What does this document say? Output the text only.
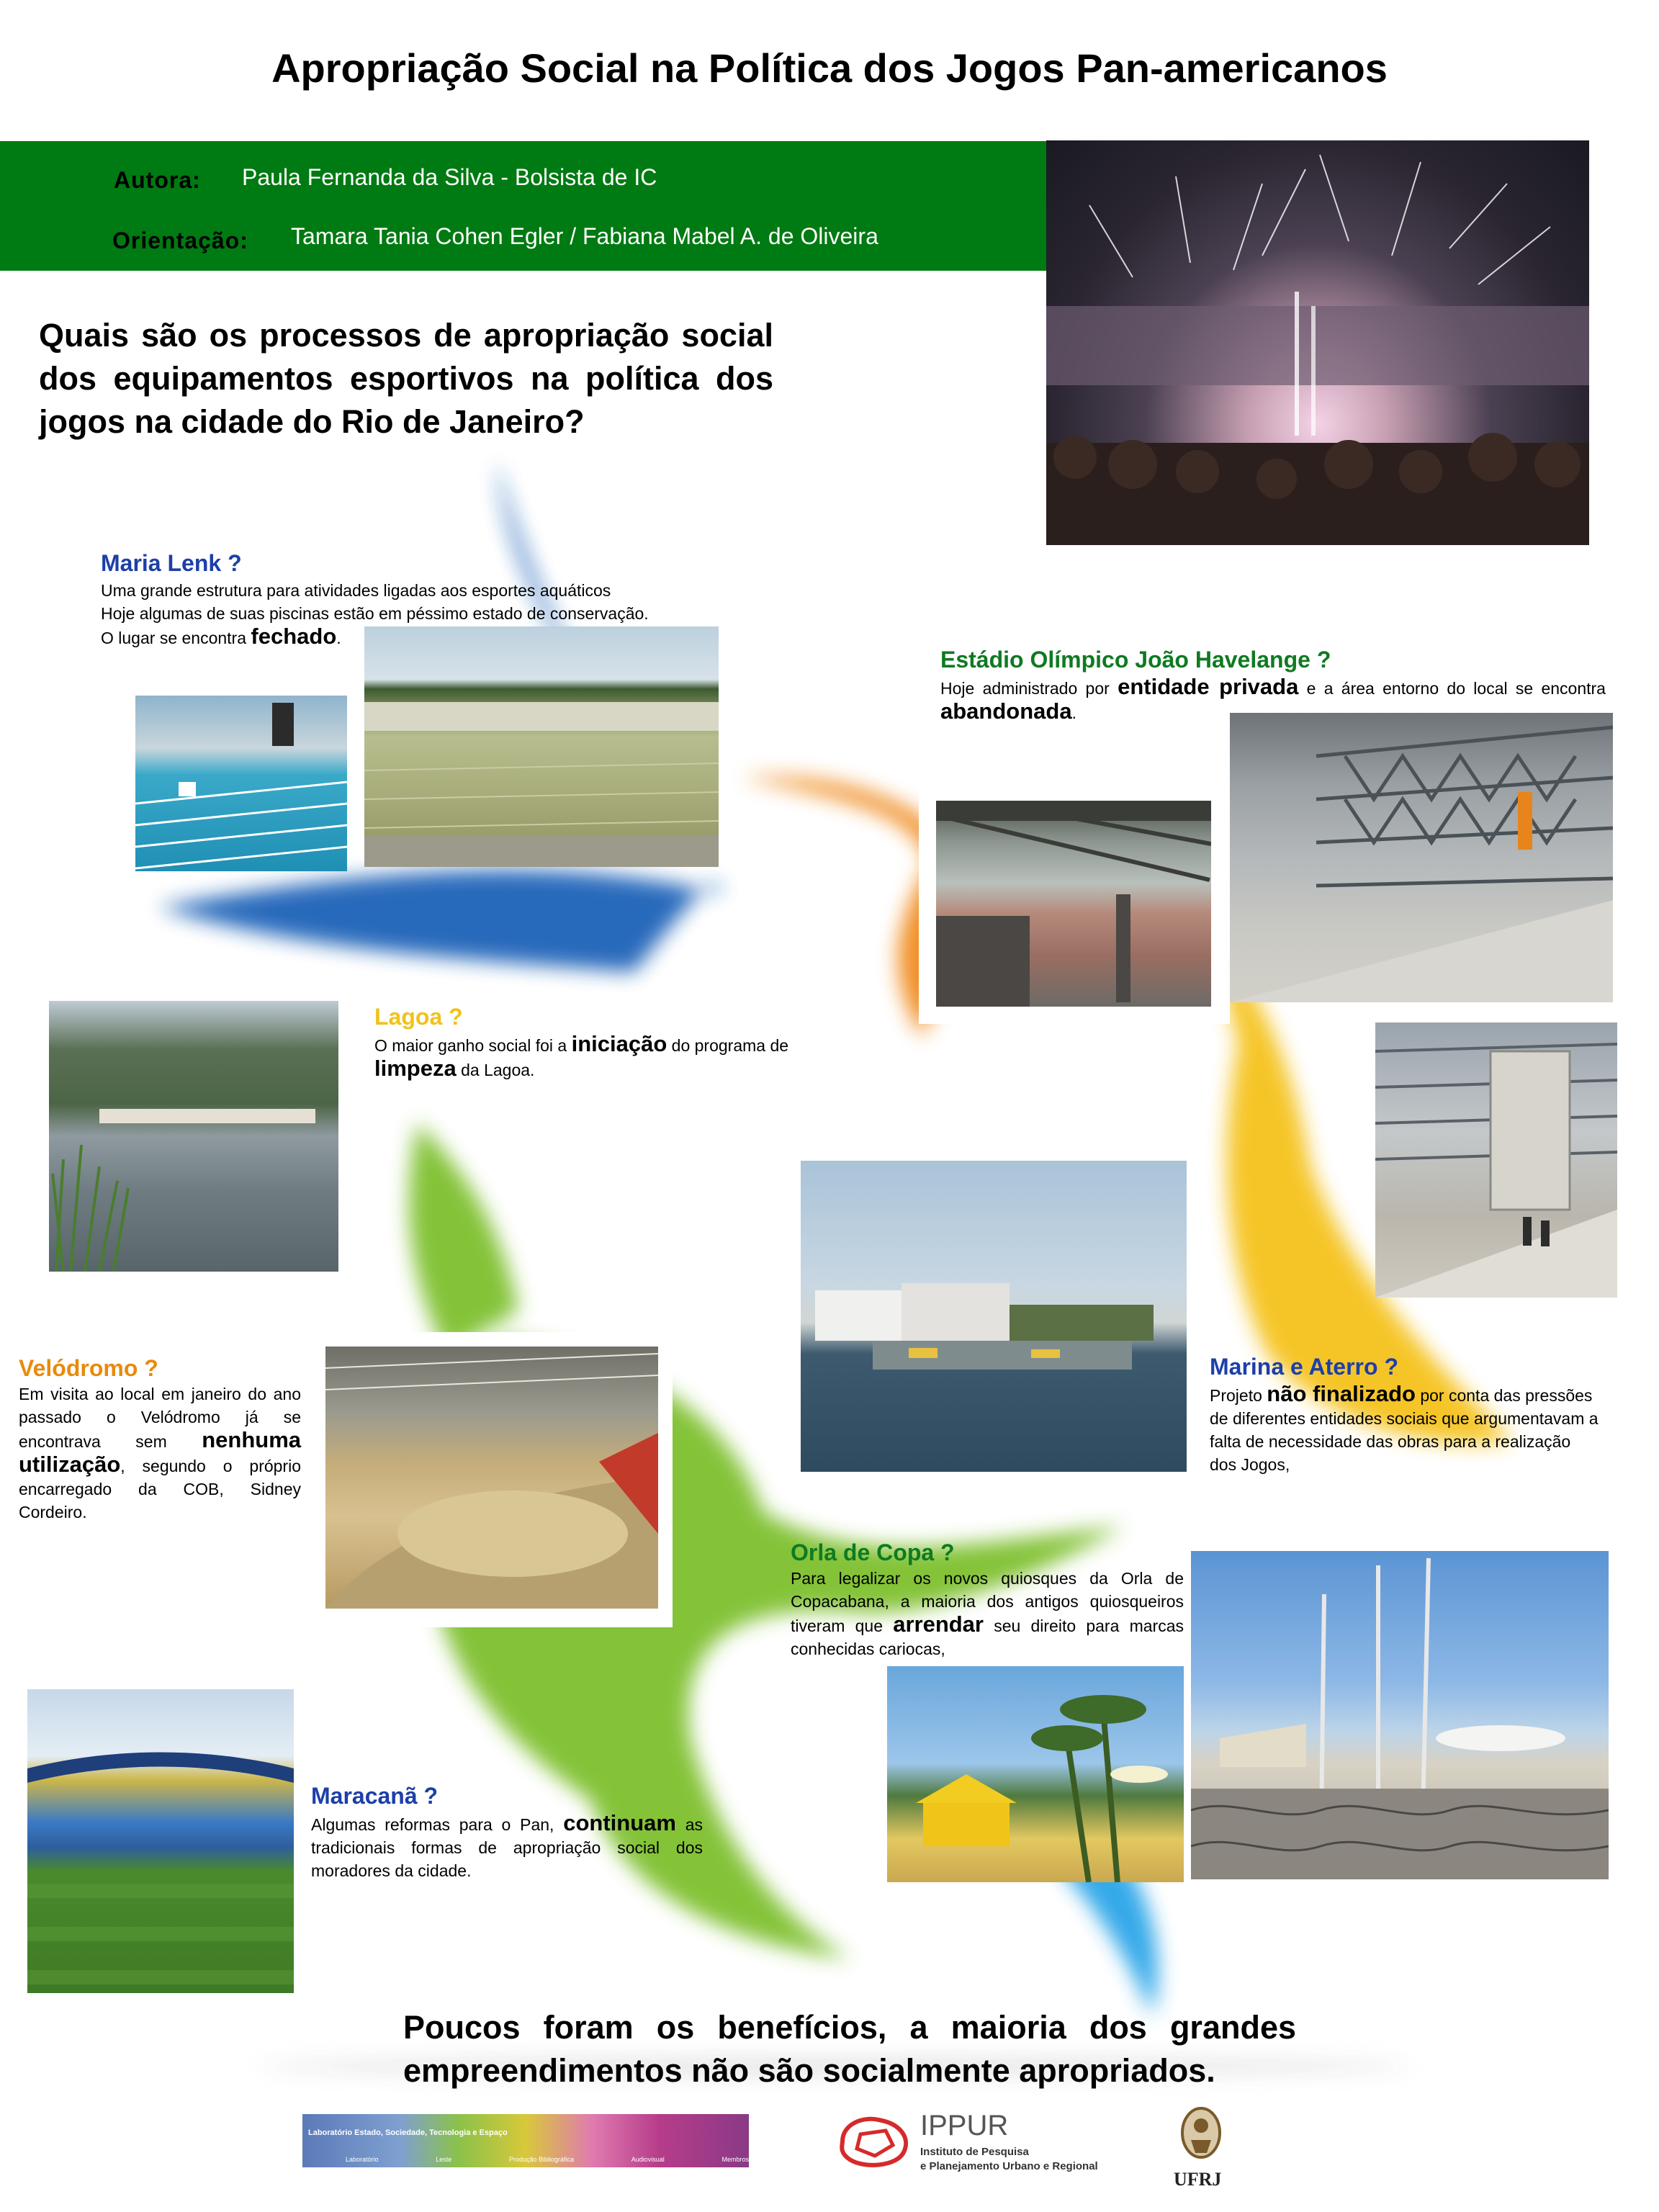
Apropriação Social na Política dos Jogos Pan-americanos
Autora: Paula Fernanda da Silva - Bolsista de IC
Orientação: Tamara Tania Cohen Egler / Fabiana Mabel A. de Oliveira
Quais são os processos de apropriação social dos equipamentos esportivos na política dos jogos na cidade do Rio de Janeiro?
Maria Lenk ?
Uma grande estrutura para atividades ligadas aos esportes aquáticos
Hoje algumas de suas piscinas estão em péssimo estado de conservação.
O lugar se encontra fechado.
Estádio Olímpico João Havelange ?
Hoje administrado por entidade privada e a área entorno do local se encontra abandonada.
Lagoa ?
O maior ganho social foi a iniciação do programa de limpeza da Lagoa.
Velódromo ?
Em visita ao local em janeiro do ano passado o Velódromo já se encontrava sem nenhuma utilização, segundo o próprio encarregado da COB, Sidney Cordeiro.
Marina e Aterro ?
Projeto não finalizado por conta das pressões de diferentes entidades sociais que argumentavam a falta de necessidade das obras para a realização dos Jogos,
Orla de Copa ?
Para legalizar os novos quiosques da Orla de Copacabana, a maioria dos antigos quiosqueiros tiveram que arrendar seu direito para marcas conhecidas cariocas,
Maracanã ?
Algumas reformas para o Pan, continuam as tradicionais formas de apropriação social dos moradores da cidade.
Poucos foram os benefícios, a maioria dos grandes empreendimentos não são socialmente apropriados.
Laboratório Estado, Sociedade, Tecnologia e Espaço
Laboratório	Leste	Produção Bibliográfica	Audiovisual	Membros
IPPUR
Instituto de Pesquisa
e Planejamento Urbano e Regional
UFRJ
